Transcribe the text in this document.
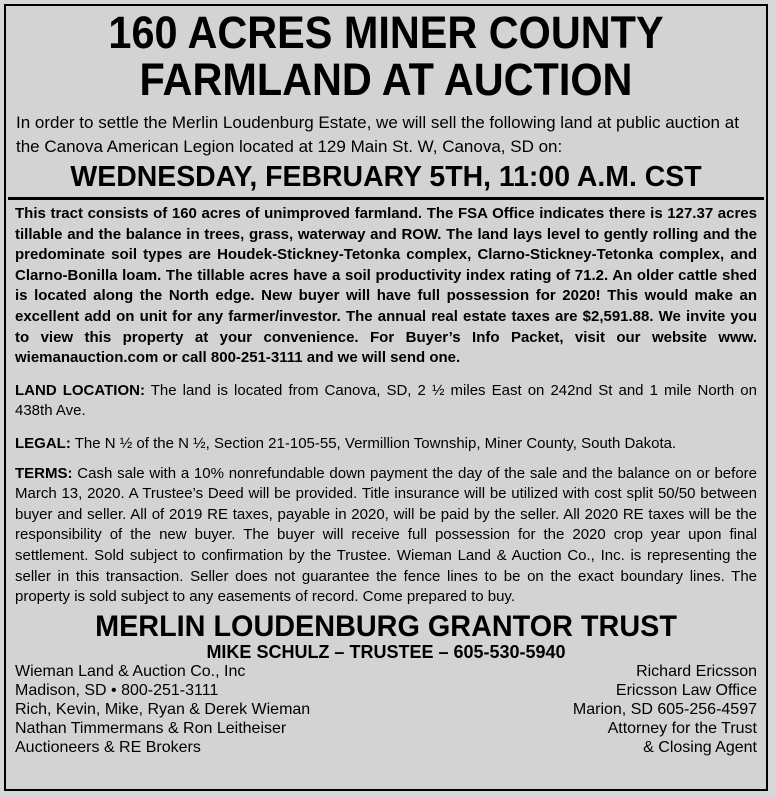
160 ACRES MINER COUNTY
FARMLAND AT AUCTION
In order to settle the Merlin Loudenburg Estate, we will sell the following land at public auction at the Canova American Legion located at 129 Main St. W, Canova, SD on:
WEDNESDAY, FEBRUARY 5TH, 11:00 A.M. CST
This tract consists of 160 acres of unimproved farmland. The FSA Office indicates there is 127.37 acres tillable and the balance in trees, grass, waterway and ROW. The land lays level to gently rolling and the predominate soil types are Houdek-Stickney-Tetonka complex, Clarno-Stickney-Tetonka complex, and Clarno-Bonilla loam. The tillable acres have a soil productivity index rating of 71.2. An older cattle shed is located along the North edge. New buyer will have full possession for 2020! This would make an excellent add on unit for any farmer/investor. The annual real estate taxes are $2,591.88. We invite you to view this property at your convenience. For Buyer’s Info Packet, visit our website www. wiemanauction.com or call 800-251-3111 and we will send one.
LAND LOCATION: The land is located from Canova, SD, 2 ½ miles East on 242nd St and 1 mile North on 438th Ave.
LEGAL: The N ½ of the N ½, Section 21-105-55, Vermillion Township, Miner County, South Dakota.
TERMS: Cash sale with a 10% nonrefundable down payment the day of the sale and the balance on or before March 13, 2020. A Trustee’s Deed will be provided. Title insurance will be utilized with cost split 50/50 between buyer and seller. All of 2019 RE taxes, payable in 2020, will be paid by the seller. All 2020 RE taxes will be the responsibility of the new buyer. The buyer will receive full possession for the 2020 crop year upon final settlement. Sold subject to confirmation by the Trustee. Wieman Land & Auction Co., Inc. is representing the seller in this transaction. Seller does not guarantee the fence lines to be on the exact boundary lines. The property is sold subject to any easements of record. Come prepared to buy.
MERLIN LOUDENBURG GRANTOR TRUST
MIKE SCHULZ – TRUSTEE – 605-530-5940
Wieman Land & Auction Co., Inc
Madison, SD • 800-251-3111
Rich, Kevin, Mike, Ryan & Derek Wieman
Nathan Timmermans & Ron Leitheiser
Auctioneers & RE Brokers
Richard Ericsson
Ericsson Law Office
Marion, SD 605-256-4597
Attorney for the Trust
& Closing Agent
